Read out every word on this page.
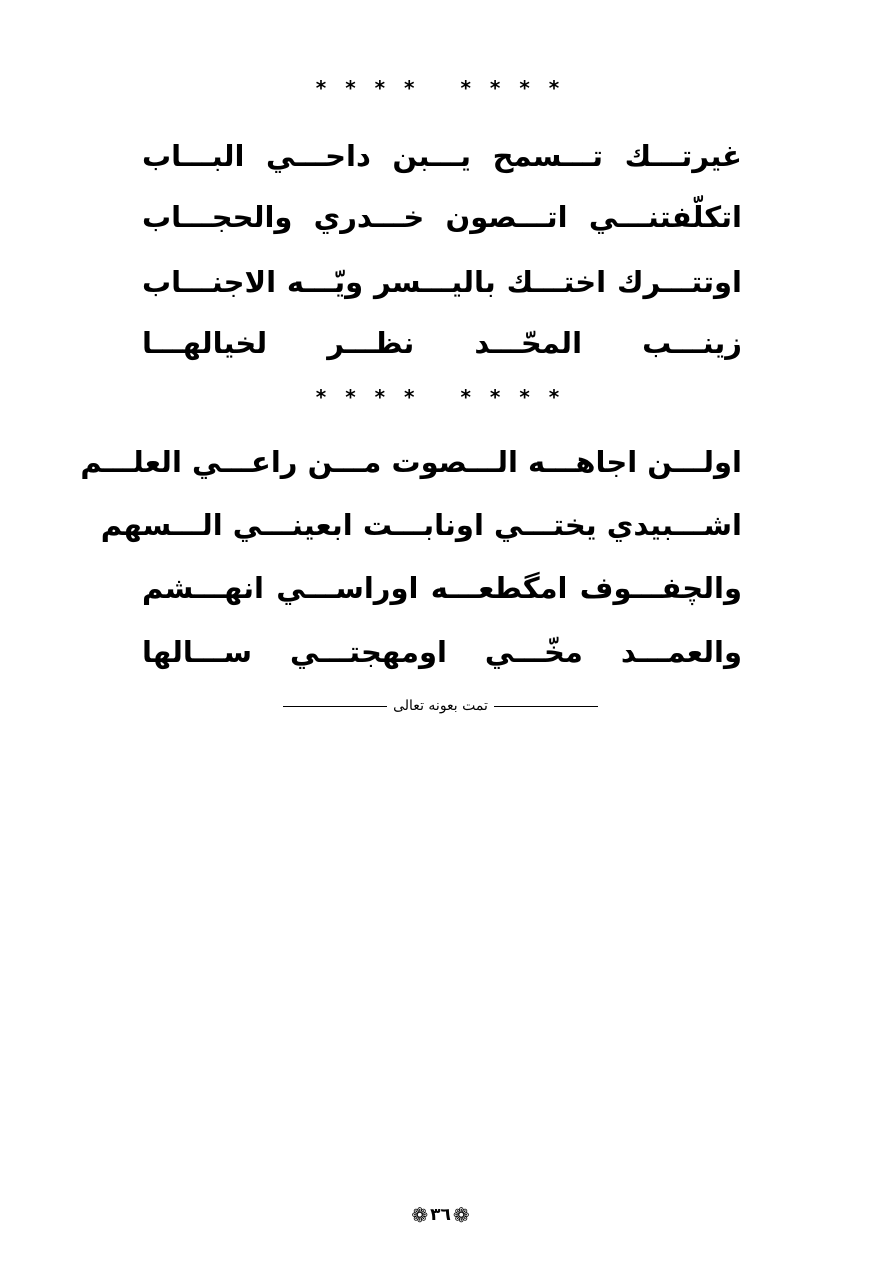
* * * * * * * *
غيرتـــك تـــسمح يـــبن داحـــي البـــاب
اتكلّفتنـــي اتـــصون خـــدري والحجـــاب
اوتتـــرك اختـــك باليـــسر ويّـــه الاجنـــاب
زينـــب المحّـــد نظـــر لخيالهـــا
* * * * * * * *
اولـــن اجاهـــه الـــصوت مـــن راعـــي العلـــم
اشـــبيدي يختـــي اونابـــت ابعينـــي الـــسهم
والچفـــوف امگطعـــه اوراســـي انهـــشم
والعمـــد مخّـــي اومهجتـــي ســـالها
تمت بعونه تعالى
❁ ٣٦ ❁
